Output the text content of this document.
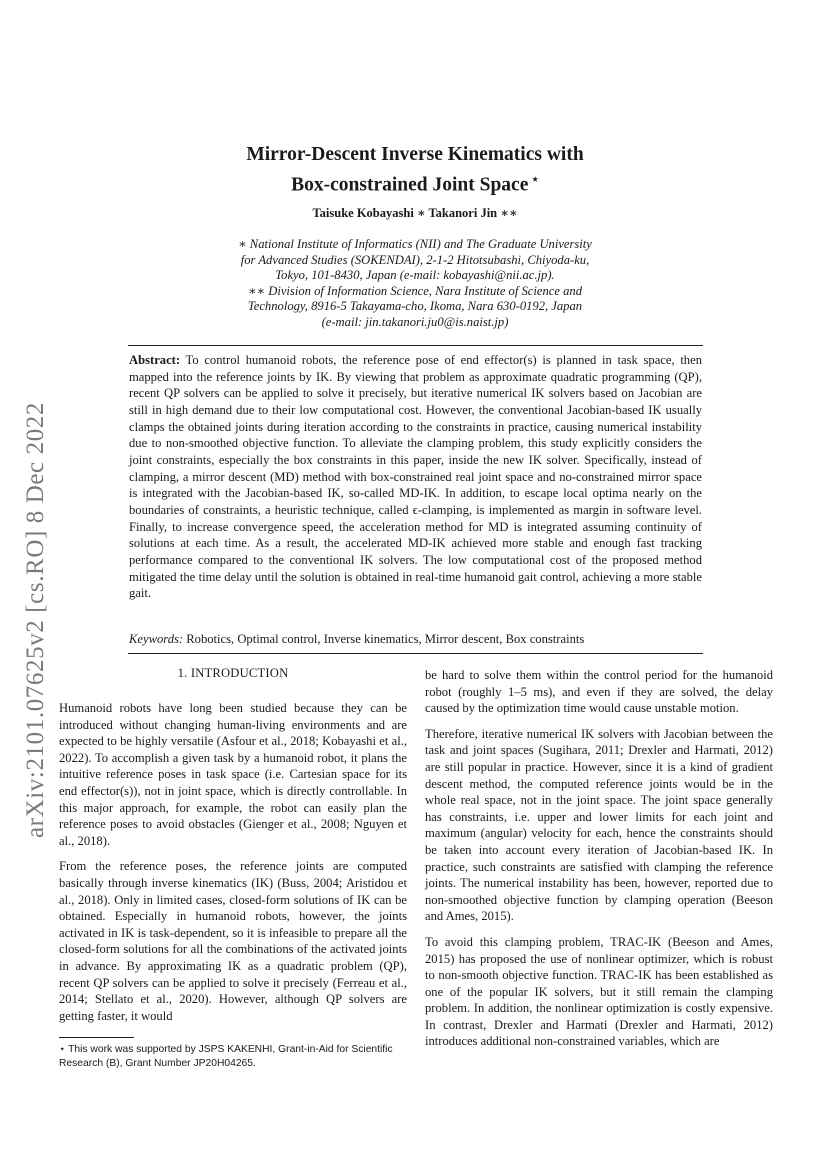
arXiv:2101.07625v2 [cs.RO] 8 Dec 2022
Mirror-Descent Inverse Kinematics with
Box-constrained Joint Space ⋆
Taisuke Kobayashi ∗ Takanori Jin ∗∗
∗ National Institute of Informatics (NII) and The Graduate University
for Advanced Studies (SOKENDAI), 2-1-2 Hitotsubashi, Chiyoda-ku,
Tokyo, 101-8430, Japan (e-mail: kobayashi@nii.ac.jp).
∗∗ Division of Information Science, Nara Institute of Science and
Technology, 8916-5 Takayama-cho, Ikoma, Nara 630-0192, Japan
(e-mail: jin.takanori.ju0@is.naist.jp)
Abstract: To control humanoid robots, the reference pose of end effector(s) is planned in task space, then mapped into the reference joints by IK. By viewing that problem as approximate quadratic programming (QP), recent QP solvers can be applied to solve it precisely, but iterative numerical IK solvers based on Jacobian are still in high demand due to their low computational cost. However, the conventional Jacobian-based IK usually clamps the obtained joints during iteration according to the constraints in practice, causing numerical instability due to non-smoothed objective function. To alleviate the clamping problem, this study explicitly considers the joint constraints, especially the box constraints in this paper, inside the new IK solver. Specifically, instead of clamping, a mirror descent (MD) method with box-constrained real joint space and no-constrained mirror space is integrated with the Jacobian-based IK, so-called MD-IK. In addition, to escape local optima nearly on the boundaries of constraints, a heuristic technique, called ϵ-clamping, is implemented as margin in software level. Finally, to increase convergence speed, the acceleration method for MD is integrated assuming continuity of solutions at each time. As a result, the accelerated MD-IK achieved more stable and enough fast tracking performance compared to the conventional IK solvers. The low computational cost of the proposed method mitigated the time delay until the solution is obtained in real-time humanoid gait control, achieving a more stable gait.
Keywords: Robotics, Optimal control, Inverse kinematics, Mirror descent, Box constraints
1. INTRODUCTION

Humanoid robots have long been studied because they can be introduced without changing human-living environments and are expected to be highly versatile (Asfour et al., 2018; Kobayashi et al., 2022). To accomplish a given task by a humanoid robot, it plans the intuitive reference poses in task space (i.e. Cartesian space for its end effector(s)), not in joint space, which is directly controllable. In this major approach, for example, the robot can easily plan the reference poses to avoid obstacles (Gienger et al., 2008; Nguyen et al., 2018).

From the reference poses, the reference joints are computed basically through inverse kinematics (IK) (Buss, 2004; Aristidou et al., 2018). Only in limited cases, closed-form solutions of IK can be obtained. Especially in humanoid robots, however, the joints activated in IK is task-dependent, so it is infeasible to prepare all the closed-form solutions for all the combinations of the activated joints in advance. By approximating IK as a quadratic problem (QP), recent QP solvers can be applied to solve it precisely (Ferreau et al., 2014; Stellato et al., 2020). However, although QP solvers are getting faster, it would

be hard to solve them within the control period for the humanoid robot (roughly 1–5 ms), and even if they are solved, the delay caused by the optimization time would cause unstable motion.

Therefore, iterative numerical IK solvers with Jacobian between the task and joint spaces (Sugihara, 2011; Drexler and Harmati, 2012) are still popular in practice. However, since it is a kind of gradient descent method, the computed reference joints would be in the whole real space, not in the joint space. The joint space generally has constraints, i.e. upper and lower limits for each joint and maximum (angular) velocity for each, hence the constraints should be taken into account every iteration of Jacobian-based IK. In practice, such constraints are satisfied with clamping the reference joints. The numerical instability has been, however, reported due to non-smoothed objective function by clamping operation (Beeson and Ames, 2015).

To avoid this clamping problem, TRAC-IK (Beeson and Ames, 2015) has proposed the use of nonlinear optimizer, which is robust to non-smooth objective function. TRAC-IK has been established as one of the popular IK solvers, but it still remain the clamping problem. In addition, the nonlinear optimization is costly expensive. In contrast, Drexler and Harmati (Drexler and Harmati, 2012) introduces additional non-constrained variables, which are

⋆ This work was supported by JSPS KAKENHI, Grant-in-Aid for Scientific Research (B), Grant Number JP20H04265.
